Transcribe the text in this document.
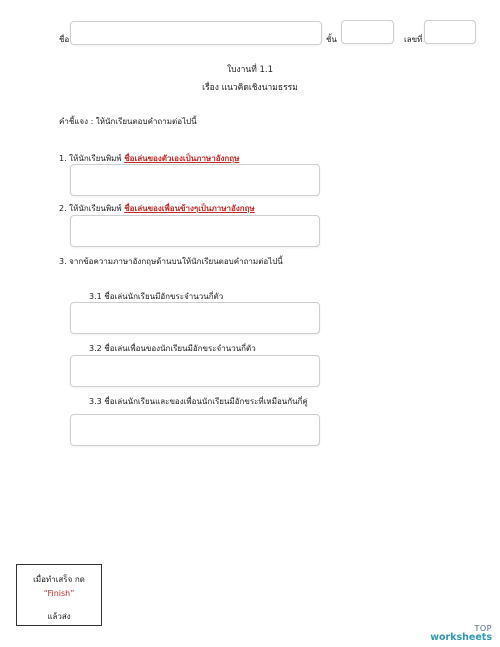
ชื่อ	ชั้น	เลขที่
ใบงานที่ 1.1
เรื่อง แนวคิดเชิงนามธรรม
คำชี้แจง : ให้นักเรียนตอบคำถามต่อไปนี้
1. ให้นักเรียนพิมพ์ ชื่อเล่นของตัวเองเป็นภาษาอังกฤษ
2. ให้นักเรียนพิมพ์ ชื่อเล่นของเพื่อนข้างๆเป็นภาษาอังกฤษ
3. จากข้อความภาษาอังกฤษด้านบนให้นักเรียนตอบคำถามต่อไปนี้
3.1 ชื่อเล่นนักเรียนมีอักขระจำนวนกี่ตัว
3.2 ชื่อเล่นเพื่อนของนักเรียนมีอักขระจำนวนกี่ตัว
3.3 ชื่อเล่นนักเรียนและของเพื่อนนักเรียนมีอักขระที่เหมือนกันกี่คู่
เมื่อทำเสร็จ กด
“Finish”
แล้วส่ง
TOP
worksheets
